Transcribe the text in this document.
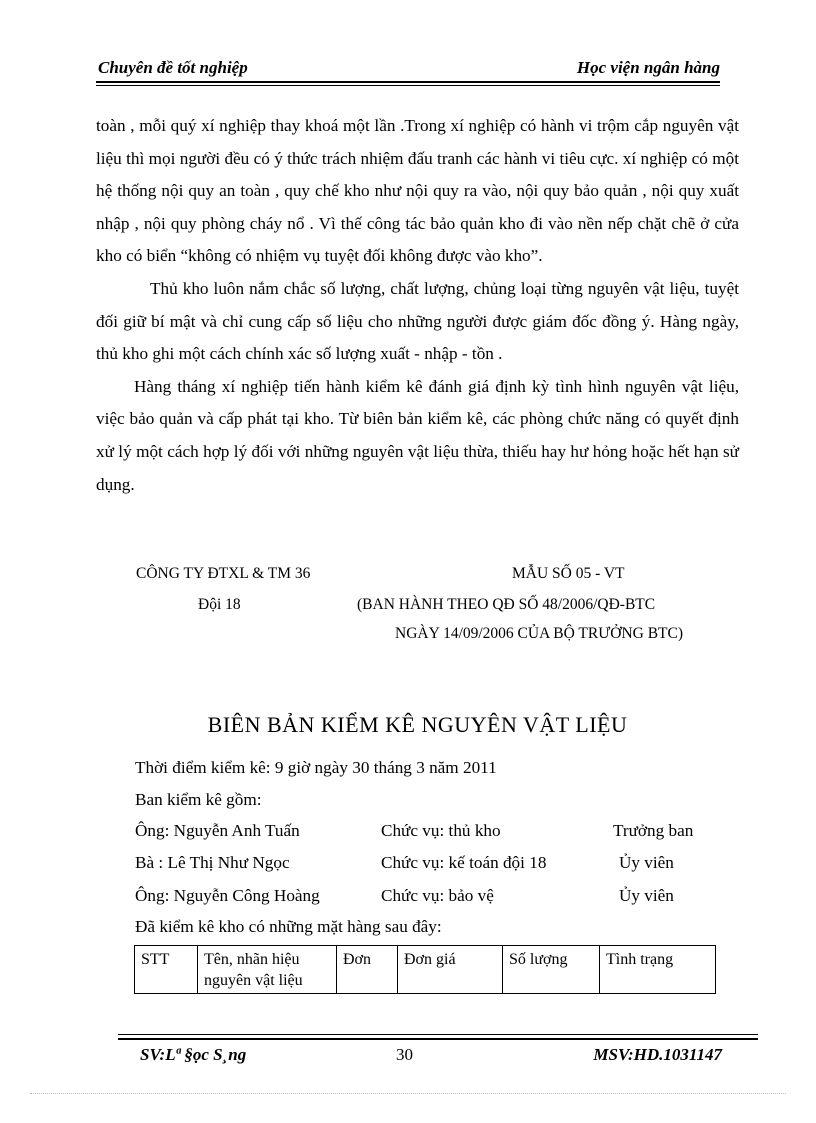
Chuyên đề tốt nghiệp	Học viện ngân hàng

toàn , mỗi quý xí nghiệp thay khoá một lần .Trong xí nghiệp có hành vi trộm cắp nguyên vật liệu thì mọi người đều có ý thức trách nhiệm đấu tranh các hành vi tiêu cực. xí nghiệp có một hệ thống nội quy an toàn , quy chế kho như nội quy ra vào, nội quy bảo quản , nội quy xuất nhập , nội quy phòng cháy nổ . Vì thế công tác bảo quản kho đi vào nền nếp chặt chẽ ở cửa kho có biển “không có nhiệm vụ tuyệt đối không được vào kho”.

Thủ kho luôn nắm chắc số lượng, chất lượng, chủng loại từng nguyên vật liệu, tuyệt đối giữ bí mật và chỉ cung cấp số liệu cho những người được giám đốc đồng ý. Hàng ngày, thủ kho ghi một cách chính xác số lượng xuất - nhập - tồn .

Hàng tháng xí nghiệp tiến hành kiểm kê đánh giá định kỳ tình hình nguyên vật liệu, việc bảo quản và cấp phát tại kho. Từ biên bản kiểm kê, các phòng chức năng có quyết định xử lý một cách hợp lý đối với những nguyên vật liệu thừa, thiếu hay hư hỏng hoặc hết hạn sử dụng.

CÔNG TY ĐTXL & TM 36
Đội 18
MẪU SỐ 05 - VT
(BAN HÀNH THEO QĐ SỐ 48/2006/QĐ-BTC
NGÀY 14/09/2006 CỦA BỘ TRƯỞNG BTC)
BIÊN BẢN KIỂM KÊ NGUYÊN VẬT LIỆU
Thời điểm kiểm kê: 9 giờ ngày 30 tháng 3 năm 2011
Ban kiểm kê gồm:
Ông: Nguyễn Anh Tuấn	Chức vụ: thủ kho	Trưởng ban
Bà : Lê Thị Như Ngọc	Chức vụ: kế toán đội 18	Ủy viên
Ông: Nguyễn Công Hoàng	Chức vụ: bảo vệ	Ủy viên
Đã kiểm kê kho có những mặt hàng sau đây:
STT	Tên, nhãn hiệu nguyên vật liệu	Đơn	Đơn giá	Số lượng	Tình trạng
SV:Lª §ọc S¸ng	30	MSV:HD.1031147
